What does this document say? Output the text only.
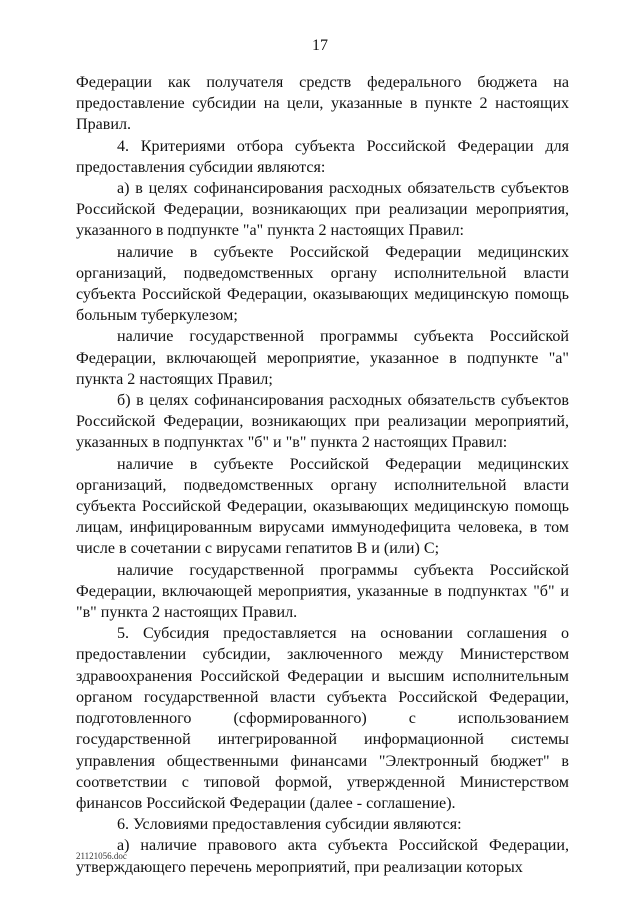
17

Федерации как получателя средств федерального бюджета на предоставление субсидии на цели, указанные в пункте 2 настоящих Правил.

4. Критериями отбора субъекта Российской Федерации для предоставления субсидии являются:

а) в целях софинансирования расходных обязательств субъектов Российской Федерации, возникающих при реализации мероприятия, указанного в подпункте "а" пункта 2 настоящих Правил:

наличие в субъекте Российской Федерации медицинских организаций, подведомственных органу исполнительной власти субъекта Российской Федерации, оказывающих медицинскую помощь больным туберкулезом;

наличие государственной программы субъекта Российской Федерации, включающей мероприятие, указанное в подпункте "а" пункта 2 настоящих Правил;

б) в целях софинансирования расходных обязательств субъектов Российской Федерации, возникающих при реализации мероприятий, указанных в подпунктах "б" и "в" пункта 2 настоящих Правил:

наличие в субъекте Российской Федерации медицинских организаций, подведомственных органу исполнительной власти субъекта Российской Федерации, оказывающих медицинскую помощь лицам, инфицированным вирусами иммунодефицита человека, в том числе в сочетании с вирусами гепатитов B и (или) C;

наличие государственной программы субъекта Российской Федерации, включающей мероприятия, указанные в подпунктах "б" и "в" пункта 2 настоящих Правил.

5. Субсидия предоставляется на основании соглашения о предоставлении субсидии, заключенного между Министерством здравоохранения Российской Федерации и высшим исполнительным органом государственной власти субъекта Российской Федерации, подготовленного (сформированного) с использованием государственной интегрированной информационной системы управления общественными финансами "Электронный бюджет" в соответствии с типовой формой, утвержденной Министерством финансов Российской Федерации (далее - соглашение).

6. Условиями предоставления субсидии являются:

а) наличие правового акта субъекта Российской Федерации, утверждающего перечень мероприятий, при реализации которых

21121056.doc
